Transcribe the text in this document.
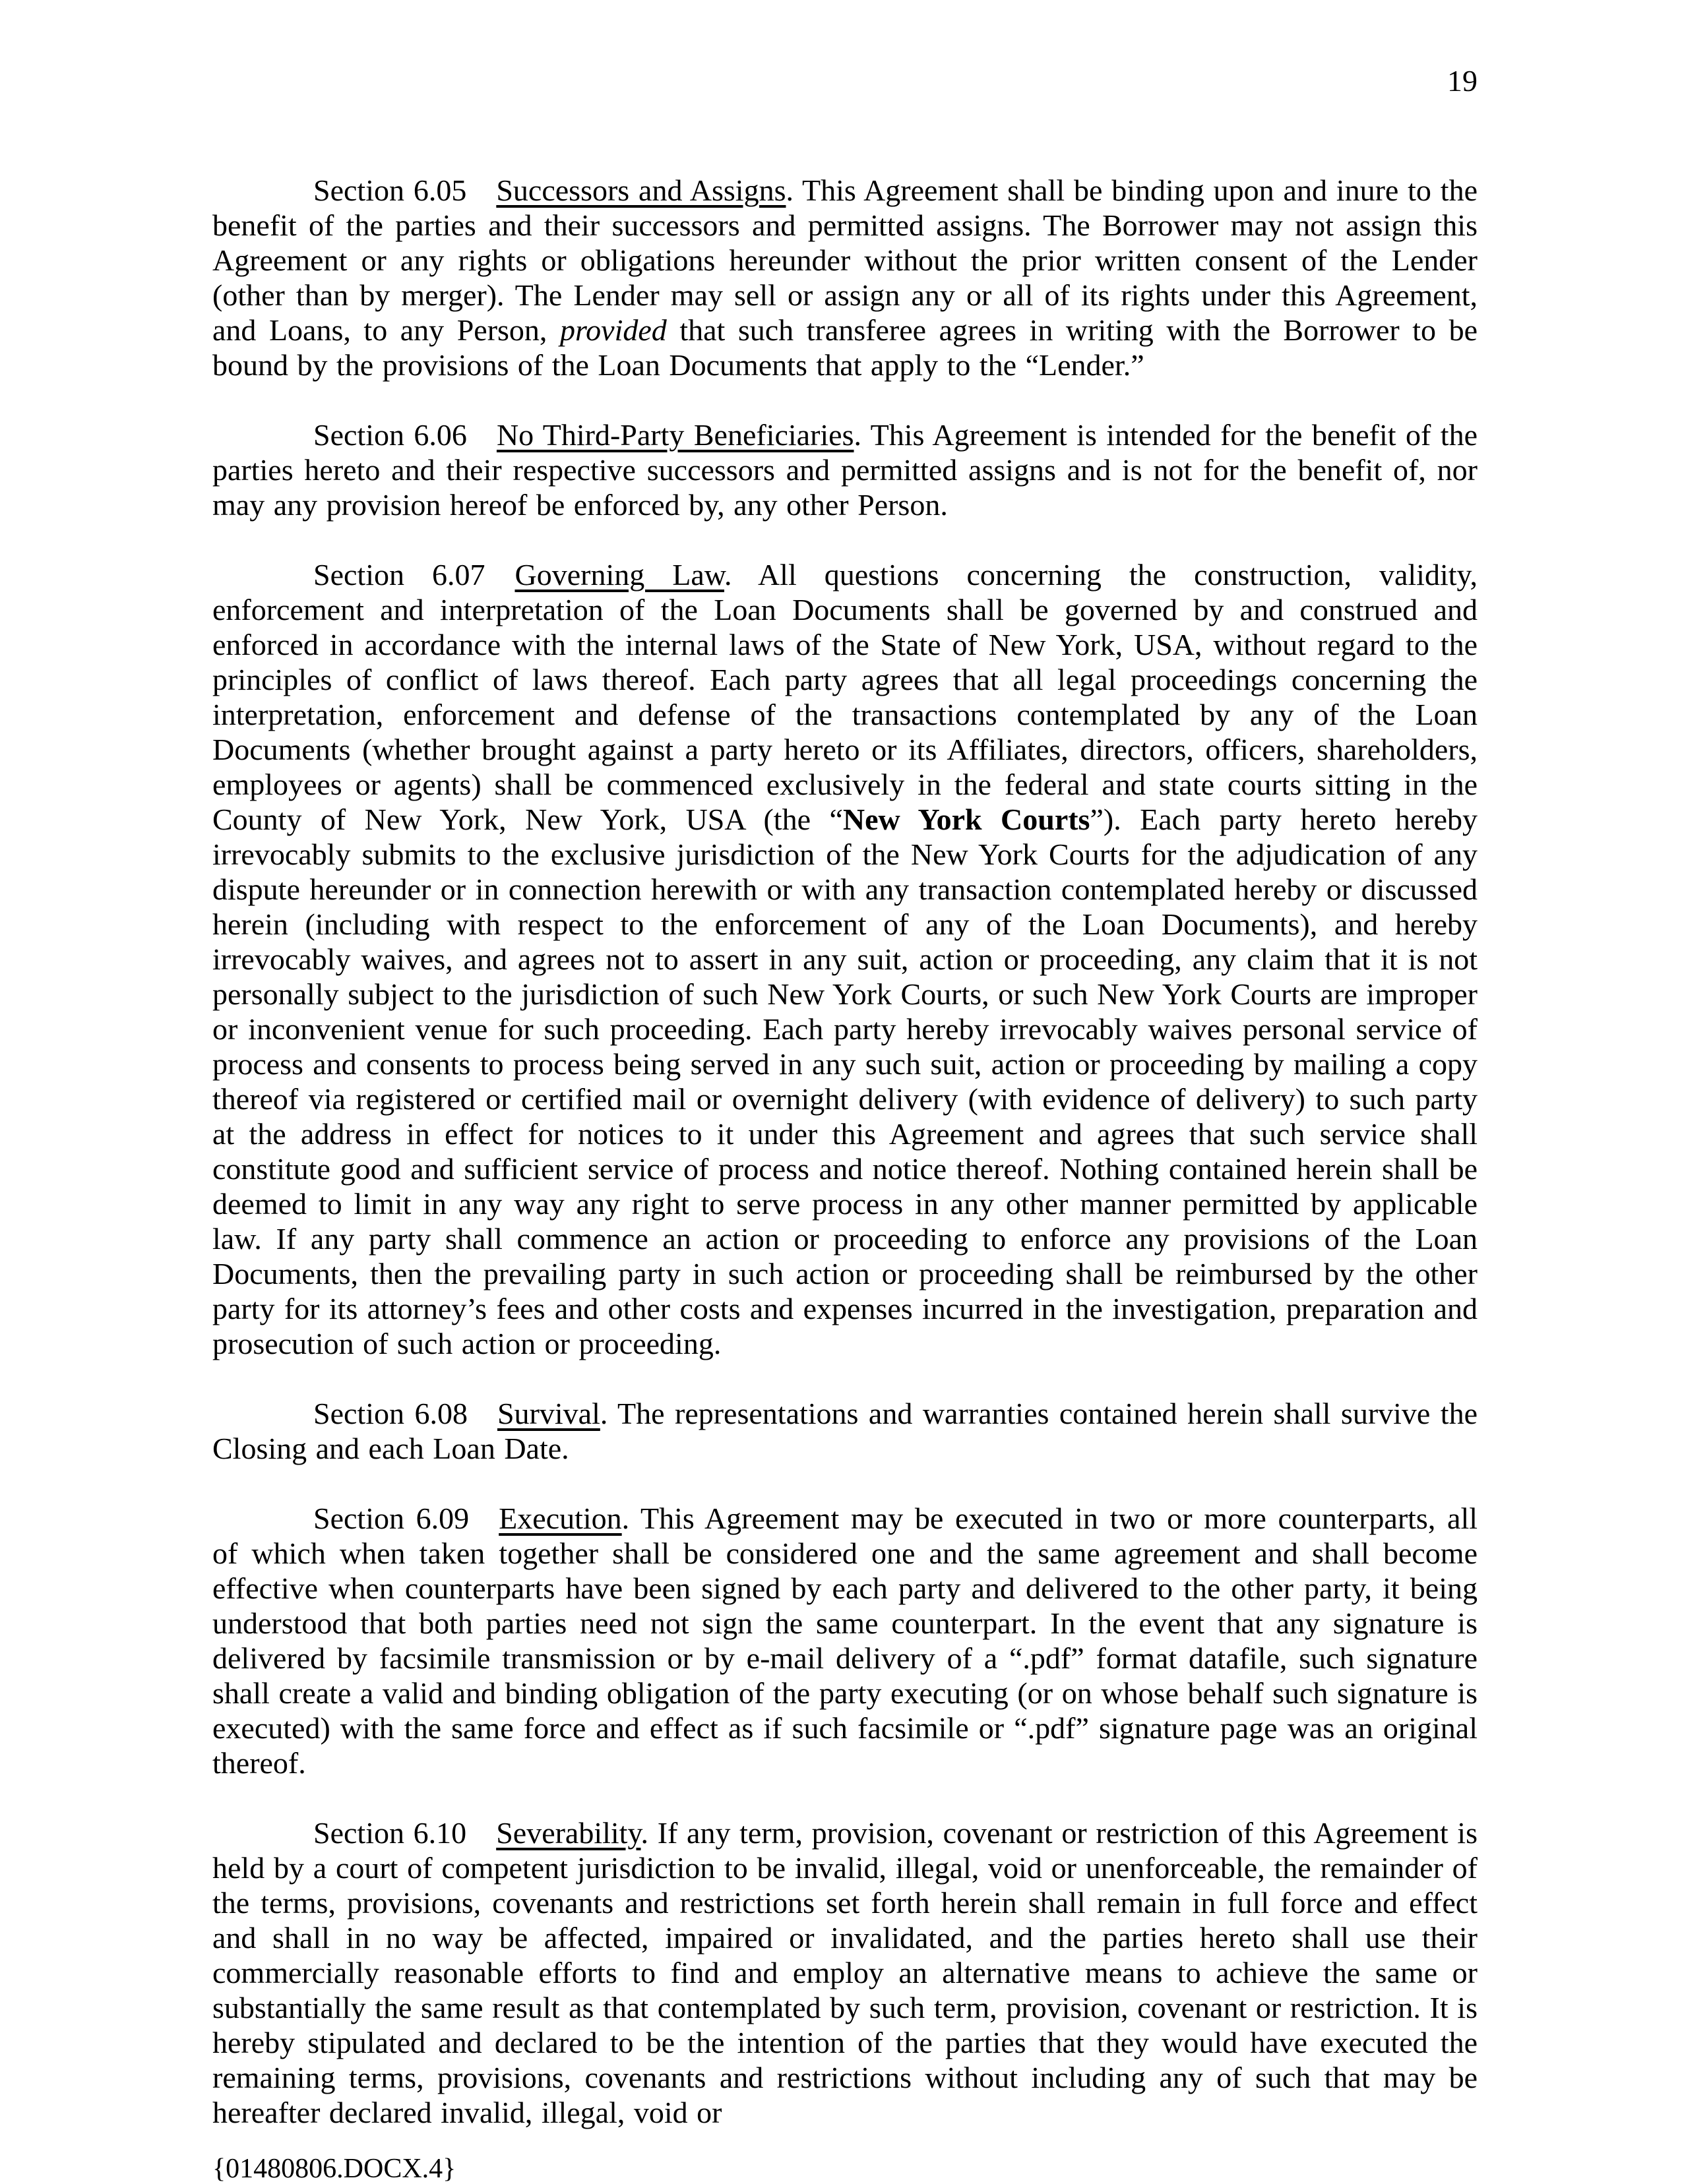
19

Section 6.05 Successors and Assigns. This Agreement shall be binding upon and inure to the benefit of the parties and their successors and permitted assigns. The Borrower may not assign this Agreement or any rights or obligations hereunder without the prior written consent of the Lender (other than by merger). The Lender may sell or assign any or all of its rights under this Agreement, and Loans, to any Person, provided that such transferee agrees in writing with the Borrower to be bound by the provisions of the Loan Documents that apply to the “Lender.”

Section 6.06 No Third-Party Beneficiaries. This Agreement is intended for the benefit of the parties hereto and their respective successors and permitted assigns and is not for the benefit of, nor may any provision hereof be enforced by, any other Person.

Section 6.07 Governing Law. All questions concerning the construction, validity, enforcement and interpretation of the Loan Documents shall be governed by and construed and enforced in accordance with the internal laws of the State of New York, USA, without regard to the principles of conflict of laws thereof. Each party agrees that all legal proceedings concerning the interpretation, enforcement and defense of the transactions contemplated by any of the Loan Documents (whether brought against a party hereto or its Affiliates, directors, officers, shareholders, employees or agents) shall be commenced exclusively in the federal and state courts sitting in the County of New York, New York, USA (the “New York Courts”). Each party hereto hereby irrevocably submits to the exclusive jurisdiction of the New York Courts for the adjudication of any dispute hereunder or in connection herewith or with any transaction contemplated hereby or discussed herein (including with respect to the enforcement of any of the Loan Documents), and hereby irrevocably waives, and agrees not to assert in any suit, action or proceeding, any claim that it is not personally subject to the jurisdiction of such New York Courts, or such New York Courts are improper or inconvenient venue for such proceeding. Each party hereby irrevocably waives personal service of process and consents to process being served in any such suit, action or proceeding by mailing a copy thereof via registered or certified mail or overnight delivery (with evidence of delivery) to such party at the address in effect for notices to it under this Agreement and agrees that such service shall constitute good and sufficient service of process and notice thereof. Nothing contained herein shall be deemed to limit in any way any right to serve process in any other manner permitted by applicable law. If any party shall commence an action or proceeding to enforce any provisions of the Loan Documents, then the prevailing party in such action or proceeding shall be reimbursed by the other party for its attorney’s fees and other costs and expenses incurred in the investigation, preparation and prosecution of such action or proceeding.

Section 6.08 Survival. The representations and warranties contained herein shall survive the Closing and each Loan Date.

Section 6.09 Execution. This Agreement may be executed in two or more counterparts, all of which when taken together shall be considered one and the same agreement and shall become effective when counterparts have been signed by each party and delivered to the other party, it being understood that both parties need not sign the same counterpart. In the event that any signature is delivered by facsimile transmission or by e-mail delivery of a “.pdf” format datafile, such signature shall create a valid and binding obligation of the party executing (or on whose behalf such signature is executed) with the same force and effect as if such facsimile or “.pdf” signature page was an original thereof.

Section 6.10 Severability. If any term, provision, covenant or restriction of this Agreement is held by a court of competent jurisdiction to be invalid, illegal, void or unenforceable, the remainder of the terms, provisions, covenants and restrictions set forth herein shall remain in full force and effect and shall in no way be affected, impaired or invalidated, and the parties hereto shall use their commercially reasonable efforts to find and employ an alternative means to achieve the same or substantially the same result as that contemplated by such term, provision, covenant or restriction. It is hereby stipulated and declared to be the intention of the parties that they would have executed the remaining terms, provisions, covenants and restrictions without including any of such that may be hereafter declared invalid, illegal, void or

{01480806.DOCX.4}
